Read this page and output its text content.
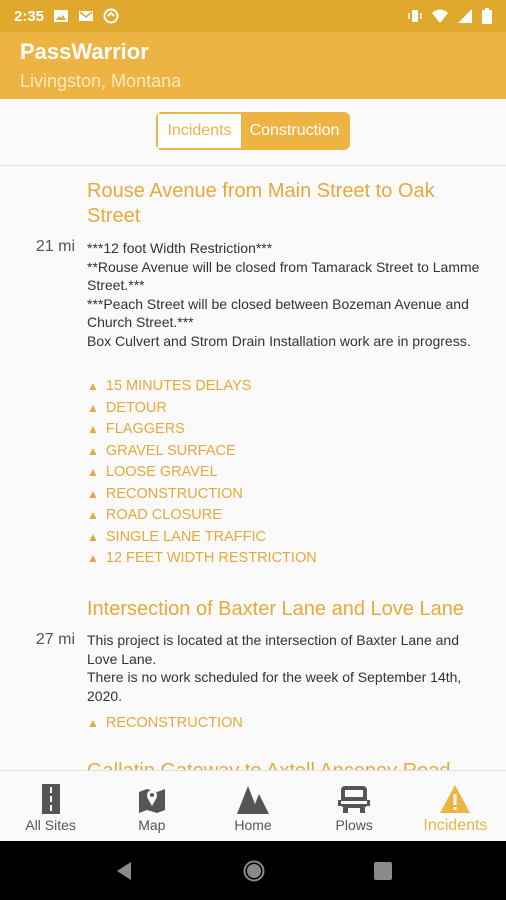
2:35
PassWarrior
Livingston, Montana
Incidents	Construction
Rouse Avenue from Main Street to Oak Street
21 mi ***12 foot Width Restriction***
**Rouse Avenue will be closed from Tamarack Street to Lamme Street.***
***Peach Street will be closed between Bozeman Avenue and Church Street.***
Box Culvert and Strom Drain Installation work are in progress.
▲ 15 MINUTES DELAYS
▲ DETOUR
▲ FLAGGERS
▲ GRAVEL SURFACE
▲ LOOSE GRAVEL
▲ RECONSTRUCTION
▲ ROAD CLOSURE
▲ SINGLE LANE TRAFFIC
▲ 12 FEET WIDTH RESTRICTION
Intersection of Baxter Lane and Love Lane
27 mi This project is located at the intersection of Baxter Lane and Love Lane.
There is no work scheduled for the week of September 14th, 2020.
▲ RECONSTRUCTION
All Sites	Map	Home	Plows	Incidents
